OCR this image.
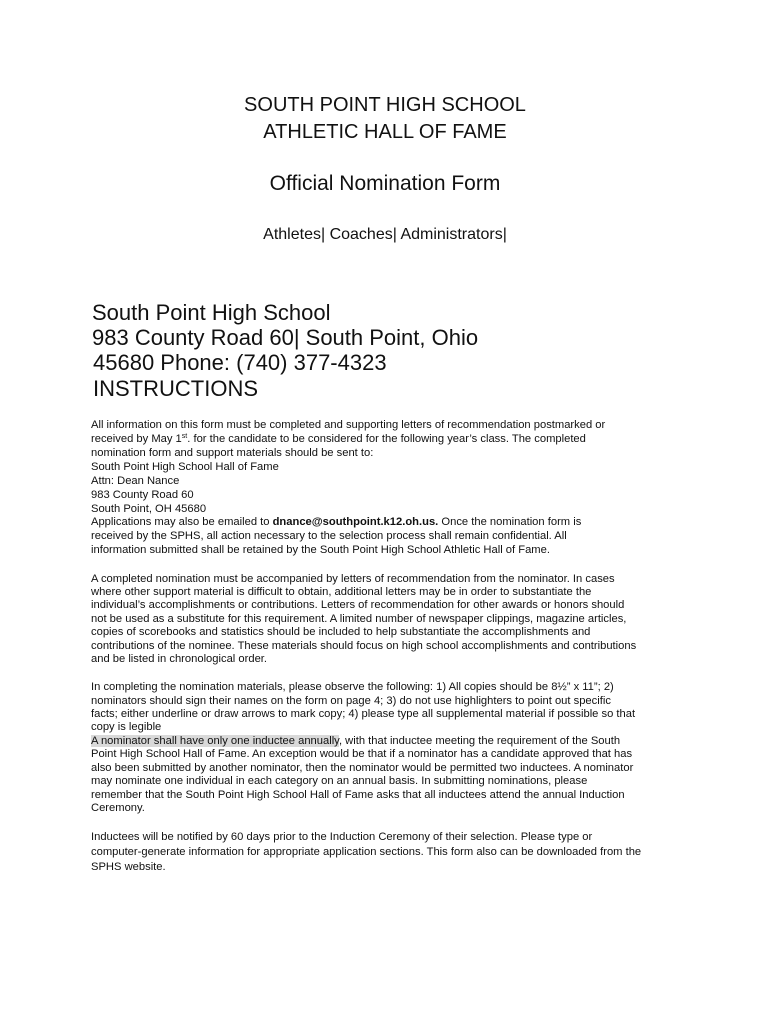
SOUTH POINT HIGH SCHOOL
ATHLETIC HALL OF FAME
Official Nomination Form
Athletes| Coaches| Administrators|
South Point High School
983 County Road 60| South Point, Ohio
45680 Phone: (740) 377-4323
INSTRUCTIONS
All information on this form must be completed and supporting letters of recommendation postmarked or
received by May 1st. for the candidate to be considered for the following year’s class. The completed
nomination form and support materials should be sent to:
South Point High School Hall of Fame
Attn: Dean Nance
983 County Road 60
South Point, OH 45680
Applications may also be emailed to dnance@southpoint.k12.oh.us. Once the nomination form is
received by the SPHS, all action necessary to the selection process shall remain confidential. All
information submitted shall be retained by the South Point High School Athletic Hall of Fame.
A completed nomination must be accompanied by letters of recommendation from the nominator. In cases
where other support material is difficult to obtain, additional letters may be in order to substantiate the
individual’s accomplishments or contributions. Letters of recommendation for other awards or honors should
not be used as a substitute for this requirement. A limited number of newspaper clippings, magazine articles,
copies of scorebooks and statistics should be included to help substantiate the accomplishments and
contributions of the nominee. These materials should focus on high school accomplishments and contributions
and be listed in chronological order.
In completing the nomination materials, please observe the following: 1) All copies should be 8½” x 11”; 2)
nominators should sign their names on the form on page 4; 3) do not use highlighters to point out specific
facts; either underline or draw arrows to mark copy; 4) please type all supplemental material if possible so that
copy is legible
A nominator shall have only one inductee annually, with that inductee meeting the requirement of the South
Point High School Hall of Fame. An exception would be that if a nominator has a candidate approved that has
also been submitted by another nominator, then the nominator would be permitted two inductees. A nominator
may nominate one individual in each category on an annual basis. In submitting nominations, please
remember that the South Point High School Hall of Fame asks that all inductees attend the annual Induction
Ceremony.
Inductees will be notified by 60 days prior to the Induction Ceremony of their selection. Please type or
computer-generate information for appropriate application sections. This form also can be downloaded from the
SPHS website.
